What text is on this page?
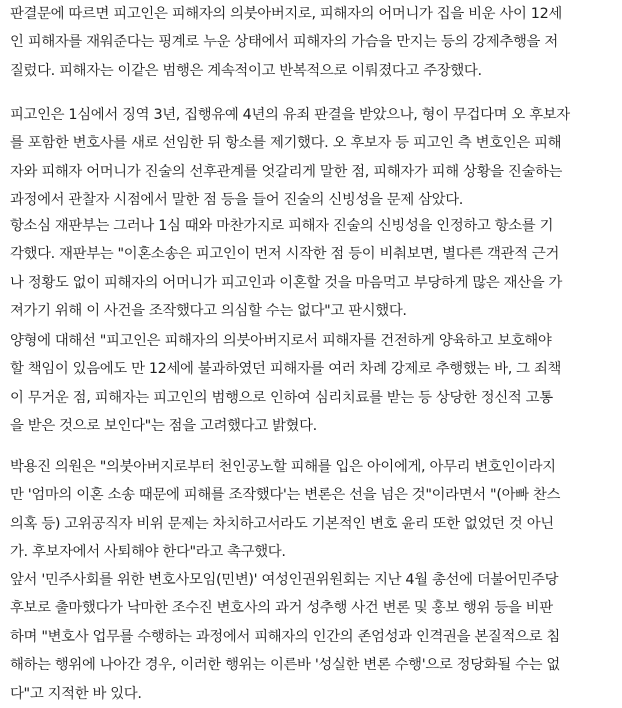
판결문에 따르면 피고인은 피해자의 의붓아버지로, 피해자의 어머니가 집을 비운 사이 12세
인 피해자를 재워준다는 핑계로 누운 상태에서 피해자의 가슴을 만지는 등의 강제추행을 저
질렀다. 피해자는 이같은 범행은 계속적이고 반복적으로 이뤄졌다고 주장했다.

피고인은 1심에서 징역 3년, 집행유예 4년의 유죄 판결을 받았으나, 형이 무겁다며 오 후보자
를 포함한 변호사를 새로 선임한 뒤 항소를 제기했다. 오 후보자 등 피고인 측 변호인은 피해
자와 피해자 어머니가 진술의 선후관계를 엇갈리게 말한 점, 피해자가 피해 상황을 진술하는
과정에서 관찰자 시점에서 말한 점 등을 들어 진술의 신빙성을 문제 삼았다.

항소심 재판부는 그러나 1심 때와 마찬가지로 피해자 진술의 신빙성을 인정하고 항소를 기
각했다. 재판부는 "이혼소송은 피고인이 먼저 시작한 점 등이 비춰보면, 별다른 객관적 근거
나 정황도 없이 피해자의 어머니가 피고인과 이혼할 것을 마음먹고 부당하게 많은 재산을 가
져가기 위해 이 사건을 조작했다고 의심할 수는 없다"고 판시했다.

양형에 대해선 "피고인은 피해자의 의붓아버지로서 피해자를 건전하게 양육하고 보호해야
할 책임이 있음에도 만 12세에 불과하였던 피해자를 여러 차례 강제로 추행했는 바, 그 죄책
이 무거운 점, 피해자는 피고인의 범행으로 인하여 심리치료를 받는 등 상당한 정신적 고통
을 받은 것으로 보인다"는 점을 고려했다고 밝혔다.

박용진 의원은 "의붓아버지로부터 천인공노할 피해를 입은 아이에게, 아무리 변호인이라지
만 '엄마의 이혼 소송 때문에 피해를 조작했다'는 변론은 선을 넘은 것"이라면서 "(아빠 찬스
의혹 등) 고위공직자 비위 문제는 차치하고서라도 기본적인 변호 윤리 또한 없었던 것 아닌
가. 후보자에서 사퇴해야 한다"라고 촉구했다.

앞서 '민주사회를 위한 변호사모임(민변)' 여성인권위원회는 지난 4월 총선에 더불어민주당
후보로 출마했다가 낙마한 조수진 변호사의 과거 성추행 사건 변론 및 홍보 행위 등을 비판
하며 "변호사 업무를 수행하는 과정에서 피해자의 인간의 존엄성과 인격권을 본질적으로 침
해하는 행위에 나아간 경우, 이러한 행위는 이른바 '성실한 변론 수행'으로 정당화될 수는 없
다"고 지적한 바 있다.
